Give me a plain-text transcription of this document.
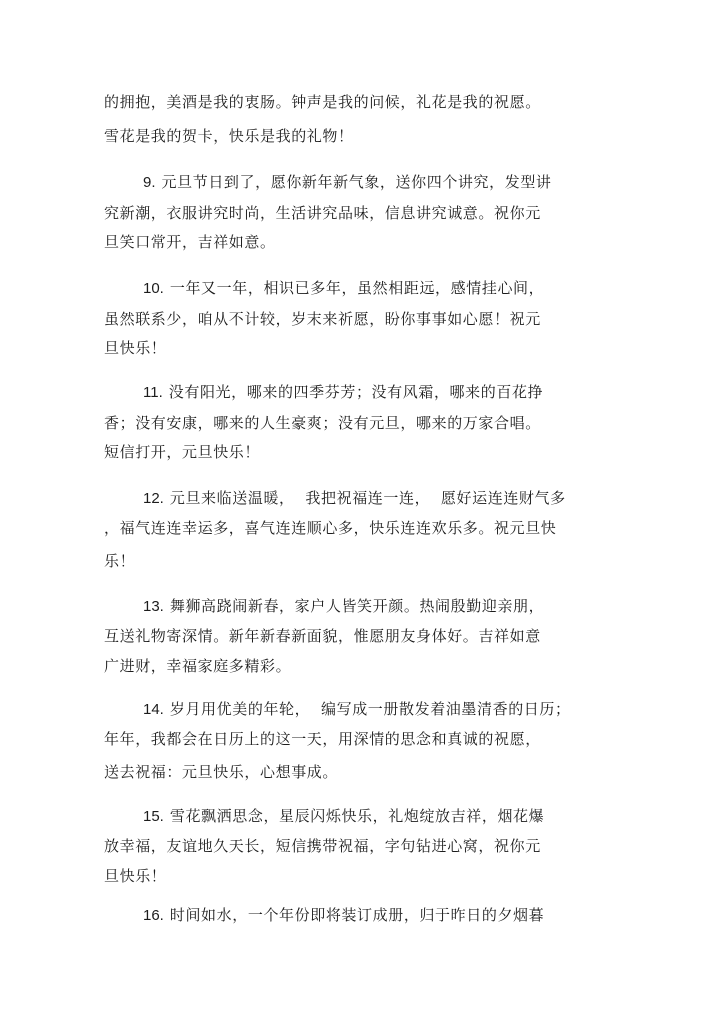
的拥抱，美酒是我的衷肠。钟声是我的问候，礼花是我的祝愿。
雪花是我的贺卡，快乐是我的礼物！
9. 元旦节日到了，愿你新年新气象，送你四个讲究，发型讲
究新潮，衣服讲究时尚，生活讲究品味，信息讲究诚意。祝你元
旦笑口常开，吉祥如意。
10. 一年又一年，相识已多年，虽然相距远，感情挂心间，
虽然联系少，咱从不计较，岁末来祈愿，盼你事事如心愿！祝元
旦快乐！
11. 没有阳光，哪来的四季芬芳；没有风霜，哪来的百花挣
香；没有安康，哪来的人生豪爽；没有元旦，哪来的万家合唱。
短信打开，元旦快乐！
12. 元旦来临送温暖，  我把祝福连一连，  愿好运连连财气多
，福气连连幸运多，喜气连连顺心多，快乐连连欢乐多。祝元旦快
乐！
13. 舞狮高跷闹新春，家户人皆笑开颜。热闹殷勤迎亲朋，
互送礼物寄深情。新年新春新面貌，惟愿朋友身体好。吉祥如意
广进财，幸福家庭多精彩。
14. 岁月用优美的年轮，  编写成一册散发着油墨清香的日历；
年年，我都会在日历上的这一天，用深情的思念和真诚的祝愿，
送去祝福：元旦快乐，心想事成。
15. 雪花飘洒思念，星辰闪烁快乐，礼炮绽放吉祥，烟花爆
放幸福，友谊地久天长，短信携带祝福，字句钻进心窝，祝你元
旦快乐！
16. 时间如水，一个年份即将装订成册，归于昨日的夕烟暮
